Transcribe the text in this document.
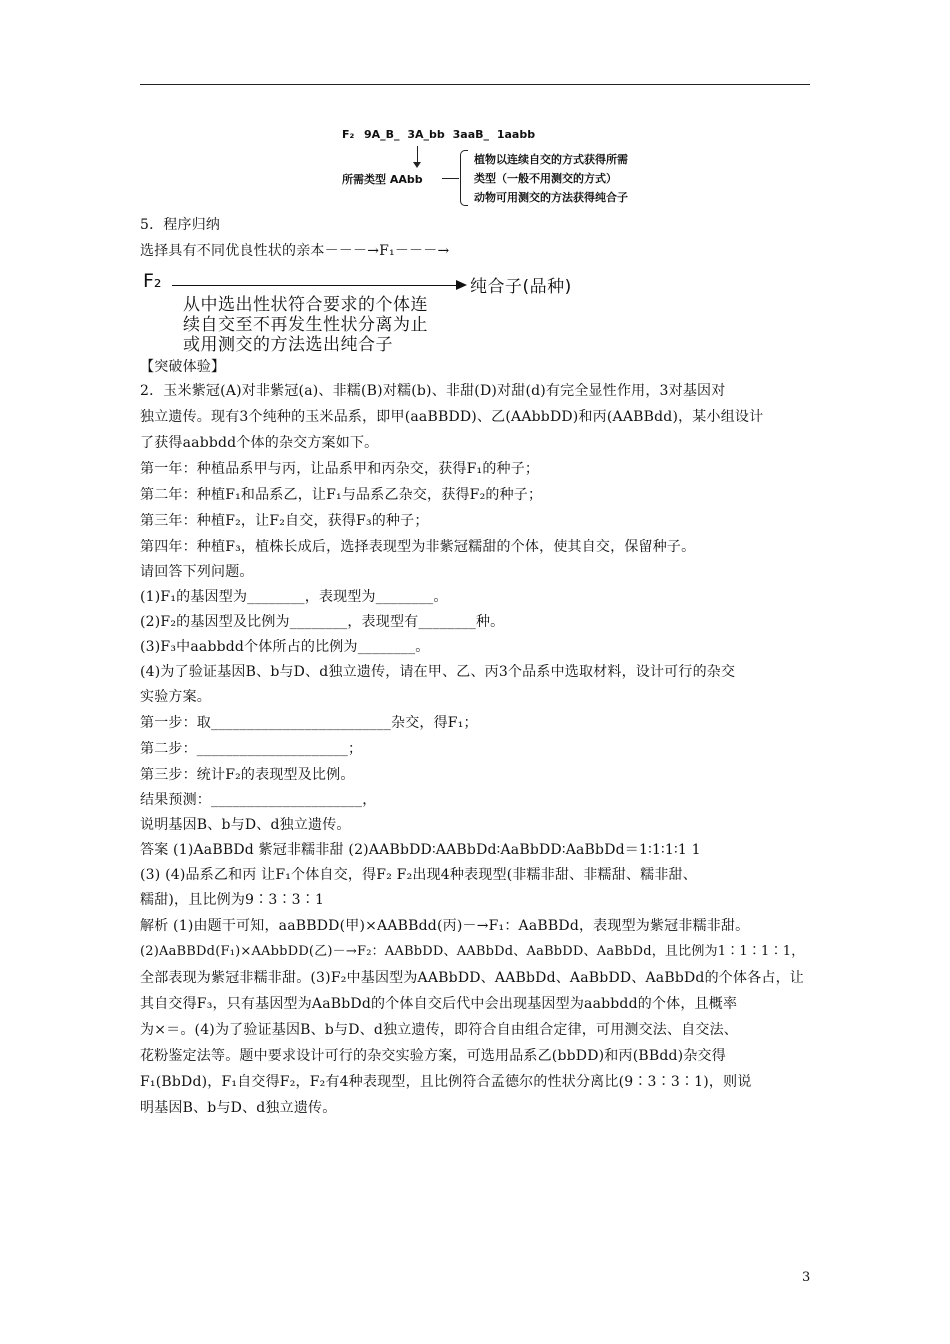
F₂ 9A_B_ 3A_bb 3aaB_ 1aabb
所需类型 AAbb
植物以连续自交的方式获得所需
类型（一般不用测交的方式）
动物可用测交的方法获得纯合子
5．程序归纳
选择具有不同优良性状的亲本－－－→F₁－－－→
F₂	纯合子(品种)
从中选出性状符合要求的个体连
续自交至不再发生性状分离为止
或用测交的方法选出纯合子
【突破体验】
2．玉米紫冠(A)对非紫冠(a)、非糯(B)对糯(b)、非甜(D)对甜(d)有完全显性作用，3对基因对
独立遗传。现有3个纯种的玉米品系，即甲(aaBBDD)、乙(AAbbDD)和丙(AABBdd)，某小组设计
了获得aabbdd个体的杂交方案如下。
第一年：种植品系甲与丙，让品系甲和丙杂交，获得F₁的种子；
第二年：种植F₁和品系乙，让F₁与品系乙杂交，获得F₂的种子；
第三年：种植F₂，让F₂自交，获得F₃的种子；
第四年：种植F₃，植株长成后，选择表现型为非紫冠糯甜的个体，使其自交，保留种子。
请回答下列问题。
(1)F₁的基因型为________，表现型为________。
(2)F₂的基因型及比例为________，表现型有________种。
(3)F₃中aabbdd个体所占的比例为________。
(4)为了验证基因B、b与D、d独立遗传，请在甲、乙、丙3个品系中选取材料，设计可行的杂交
实验方案。
第一步：取_________________________杂交，得F₁；
第二步：_____________________；
第三步：统计F₂的表现型及比例。
结果预测：_____________________，
说明基因B、b与D、d独立遗传。
答案 (1)AaBBDd 紫冠非糯非甜 (2)AABbDD∶AABbDd∶AaBbDD∶AaBbDd＝1∶1∶1∶1 1
(3) (4)品系乙和丙 让F₁个体自交，得F₂ F₂出现4种表现型(非糯非甜、非糯甜、糯非甜、
糯甜)，且比例为9∶3∶3∶1
解析 (1)由题干可知，aaBBDD(甲)×AABBdd(丙)－→F₁：AaBBDd，表现型为紫冠非糯非甜。
(2)AaBBDd(F₁)×AAbbDD(乙)－→F₂：AABbDD、AABbDd、AaBbDD、AaBbDd，且比例为1∶1∶1∶1，
全部表现为紫冠非糯非甜。(3)F₂中基因型为AABbDD、AABbDd、AaBbDD、AaBbDd的个体各占，让
其自交得F₃，只有基因型为AaBbDd的个体自交后代中会出现基因型为aabbdd的个体，且概率
为×＝。(4)为了验证基因B、b与D、d独立遗传，即符合自由组合定律，可用测交法、自交法、
花粉鉴定法等。题中要求设计可行的杂交实验方案，可选用品系乙(bbDD)和丙(BBdd)杂交得
F₁(BbDd)，F₁自交得F₂，F₂有4种表现型，且比例符合孟德尔的性状分离比(9∶3∶3∶1)，则说
明基因B、b与D、d独立遗传。
3
